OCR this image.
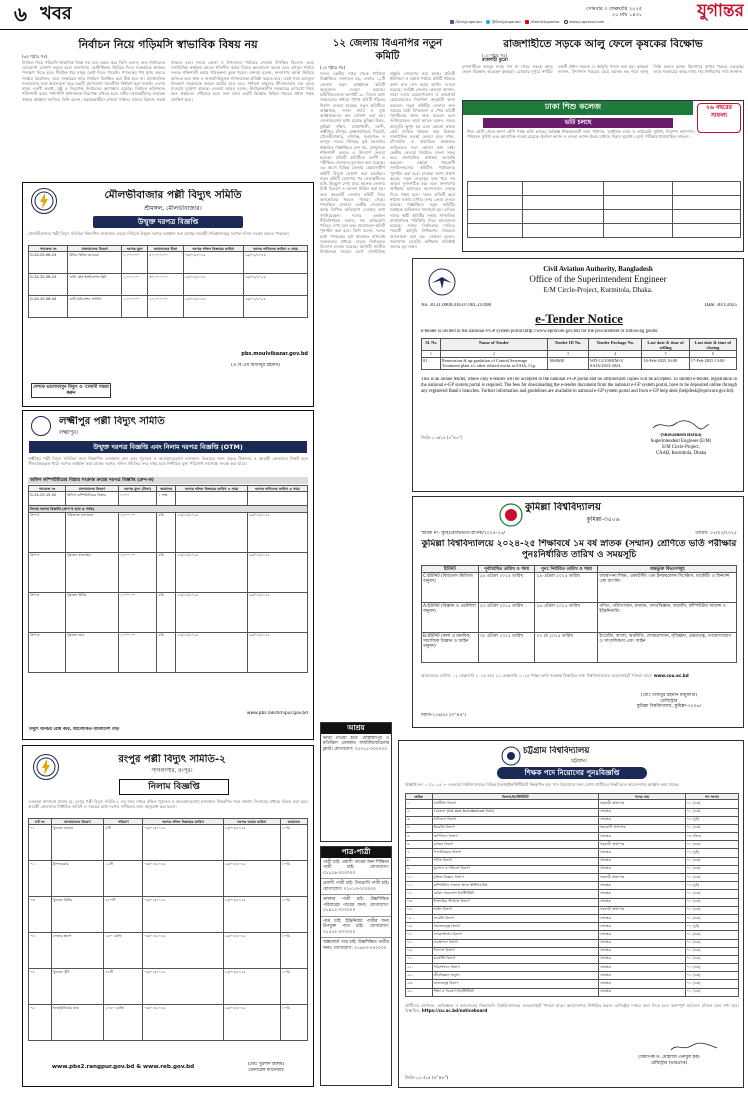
৬ খবর	সোমবার ৩ ফেব্রুয়ারি ২০২৫
২০ মাঘ ১৪৩১
/DailyJugantor @DailyJugantor /DainikJugantor www.jugantor.com
যুগান্তর
নির্বাচন নিয়ে গড়িমসি স্বাভাবিক বিষয় নয়
(৩য় পৃষ্ঠার পর)
নির্বাচন নিয়ে গড়িমসি স্বাভাবিক বিষয় নয় বলে মন্তব্য করে তিনি বলেন, দ্রুত নির্বাচনের রোডম্যাপ ঘোষণা করতে হবে। জনগণের ভোটাধিকার ফিরিয়ে দিতে সরকারকে কার্যকর পদক্ষেপ নিতে হবে। দীর্ঘদিন ধরে মানুষ ভোট দিতে পারেনি। গণতন্ত্রের পথ সুগম করতে সংস্কার প্রয়োজন, তবে সংস্কারের নামে নির্বাচন বিলম্বিত করা ঠিক হবে না। রাজনৈতিক দলগুলোর সঙ্গে আলোচনা করে একটি গ্রহণযোগ্য সময়সীমা নির্ধারণ করা জরুরি। দেশের মানুষ একটি অবাধ, সুষ্ঠু ও নিরপেক্ষ নির্বাচনের অপেক্ষায় রয়েছে। নির্বাচন কমিশনকে শক্তিশালী করার পাশাপাশি প্রশাসনকে নিরপেক্ষ রাখতে হবে। দলীয় নেতাকর্মীদের ঐক্যবদ্ধ থাকার আহ্বান জানিয়ে তিনি বলেন, ষড়যন্ত্রকারীরা এখনো সক্রিয়। তাদের বিরুদ্ধে সতর্ক থাকতে হবে। সভায় জেলা ও উপজেলা পর্যায়ের নেতারা উপস্থিত ছিলেন। তারা সাংগঠনিক কার্যক্রম আরও গতিশীল করার বিষয়ে আলোচনা করেন এবং তৃণমূল পর্যায়ে দলকে শক্তিশালী করার পরিকল্পনা তুলে ধরেন। বক্তারা বলেন, জনগণের আস্থা ফিরিয়ে আনতে হলে স্বচ্ছ ও জবাবদিহিমূলক শাসনব্যবস্থা প্রতিষ্ঠা করতে হবে। একই সঙ্গে দ্রব্যমূল্য নিয়ন্ত্রণে সরকারকে আরও কঠোর হতে হবে। সাধারণ মানুষের জীবনযাত্রার ব্যয় বেড়ে যাওয়ায় দুর্ভোগ বাড়ছে। নেতারা আরও বলেন, নির্বাচনকালীন সরকারের রূপরেখা নিয়ে দ্রুত ঐকমত্যে পৌঁছাতে হবে। সভা শেষে একটি বিক্ষোভ মিছিল শহরের প্রধান সড়ক প্রদক্ষিণ করে।
মৌলভীবাজার পল্লী বিদ্যুৎ সমিতি
শ্রীমঙ্গল, মৌলভীবাজার।
উন্মুক্ত দরপত্র বিজ্ঞপ্তি
মৌলভীবাজার পল্লী বিদ্যুৎ সমিতির নিম্নবর্ণিত মালামাল ক্রয়ের নিমিত্তে উন্মুক্ত দরপত্র আহ্বান করা যাচ্ছে। আগ্রহী প্রতিষ্ঠানসমূহ দরপত্র দলিল সংগ্রহ করতে পারবেন।
প্যাকেজ নং	মালামালের বিবরণ	দরপত্র মূল্য	জামানতের টাকা	দরপত্র দলিল বিক্রয়ের তারিখ	দরপত্র দাখিলের তারিখ ও সময়
G-24-25-06-23	মিটার রিডিং ক্যামেরা	১,০০০.০০	৪০,০০০.০০	০৬/০২/২০২৫	২৬/০২/২০২৫
G-24-25-06-23	ডাটা প্লেস ইন্সটলেশন কিট	১,০০০.০০	৩০,০০০.০০	২৫/০২/২০২৫	২৬/০২/২০২৫
G-24-25-06-44	ডাটা মাইগ্রেশন সার্ভিস	১,০০০.০০	২০,০০০.০০	২৫/০২/২০২৫	২৬/০২/২০২৫
pbs.moulvibazar.gov.bd
(এ.বি.এম মিজানুর রহমান)
দেশকে ভালোবাসুন বিদ্যুৎ ও জ্বালানী সাশ্রয় করুন
লক্ষ্মীপুর পল্লী বিদ্যুৎ সমিতি
লক্ষ্মীপুর।
উন্মুক্ত দরপত্র বিজ্ঞপ্তি এবং নিলাম দরপত্র বিজ্ঞপ্তি (OTM)
লক্ষ্মীপুর পল্লী বিদ্যুৎ সমিতির জন্য নিম্নবর্ণিত মালামাল ক্রয় এবং পুরাতন ও অব্যবহারযোগ্য মালামাল বিক্রয়ের জন্য প্রকৃত ঠিকাদার ও আগ্রহী ক্রেতাদের নিকট হতে সীলমোহরকৃত খামে দরপত্র আহ্বান করা যাচ্ছে। দরপত্র দলিল সমিতির সদর দপ্তর হতে নির্ধারিত মূল্য পরিশোধ সাপেক্ষে সংগ্রহ করা যাবে।
অফিস কম্পিউটারের বিস্তার সংক্রান্ত ক্রয়ের দরপত্র বিজ্ঞপ্তি (গ্রুপ-ক)
প্যাকেজ নং	মালামালের বিবরণ	দরপত্র মূল্য (টাকা)	জামানত	দরপত্র দলিল বিক্রয়ের তারিখ ও সময়	দরপত্র দাখিলের তারিখ ও সময়
G-24-25-19-02	অফিস কম্পিউটারের বিস্তার	১০০০	১ লক্ষ		
নিলাম দরপত্র বিজ্ঞপ্তি (গ্রুপ-খ হতে ঙ পর্যন্ত)					
গ্রুপ-খ	পরিত্যক্ত মালামাল	১৫০০.০০	৫%	২৫/০২/২০২৫	২৬/০২/২০২৫
গ্রুপ-গ	পুরাতন যানবাহন	১৫০০.০০	৫%	২৫/০২/২০২৫	২৬/০২/২০২৫
গ্রুপ-ঘ	পুরাতন মিটার	১০০০.০০	৫%	২৫/০২/২০২৫	২৬/০২/২০২৫
গ্রুপ-ঙ	পুরাতন তার	১০০০.০০	৫%	২৫/০২/২০২৫	২৬/০২/২০২৫
www.pbs.lakshmipur.gov.bd
বিদ্যুৎ অপচয় রোধ করি, আলোকিত বাংলাদেশ গড়ি
রংপুর পল্লী বিদ্যুৎ সমিতি-২
পাগলাপীর, রংপুর।
নিলাম বিজ্ঞপ্তি
এতদ্বারা জানানো যাচ্ছে যে, রংপুর পল্লী বিদ্যুৎ সমিতি-২ এর সদর দপ্তরে রক্ষিত পুরাতন ও অব্যবহারযোগ্য মালামাল নিম্নবর্ণিত শর্তে প্রকাশ্য নিলামের মাধ্যমে বিক্রয় করা হবে। আগ্রহী ক্রেতাদের নির্ধারিত তারিখ ও সময়ের মধ্যে দরপত্র দাখিলের জন্য অনুরোধ করা হলো।
লট নং	মালামালের বিবরণ	পরিমাণ	দরপত্র দলিল বিক্রয়ের তারিখ	দরপত্র জমার তারিখ	জামানত
০১	পুরাতন ক্যাবল	৫টি	০৬/০২/২০২৫	২৫/০২/২০২৫	১০%
০২	ট্রান্সফরমার	১২টি	০৬/০২/২০২৫	২৫/০২/২০২৫	১০%
০৩	পুরাতন মিটার	৫৫০টি	০৬/০২/২০২৫	২৫/০২/২০২৫	১০%
০৪	লোহার স্ক্র্যাপ	১৮০ কেজি	০৬/০২/২০২৫	২৫/০২/২০২৫	১০%
০৫	পুরাতন খুঁটি	৭৫টি	০৬/০২/২০২৫	২৫/০২/২০২৫	১০%
০৬	অ্যালুমিনিয়াম তার	২৭৫০ কেজি	০৬/০২/২০২৫	২৫/০২/২০২৫	১০%
www.pbs2.rangpur.gov.bd & www.reb.gov.bd	(মোঃ খুরশীদ আলম)
জেনারেল ম্যানেজার
১২ জেলায় বিএনপির নতুন কমিটি
(১ম পৃষ্ঠার পর)
দলের কেন্দ্রীয় দপ্তর থেকে পাঠানো বিজ্ঞপ্তিতে জানানো হয়, দেশের ১২টি জেলায় নতুন আহ্বায়ক কমিটি অনুমোদন দেওয়া হয়েছে। কমিটিগুলোকে আগামী ৯০ দিনের মধ্যে সম্মেলনের মাধ্যমে পূর্ণাঙ্গ কমিটি গঠনের নির্দেশ দেওয়া হয়েছে। নতুন কমিটিতে আহ্বায়ক, সদস্য সচিব ও যুগ্ম আহ্বায়কদের নাম ঘোষণা করা হয়। জেলাগুলোর মধ্যে রয়েছে কুমিল্লা উত্তর, কুমিল্লা দক্ষিণ, নোয়াখালী, ফেনী, লক্ষ্মীপুর, চাঁদপুর, ব্রাহ্মণবাড়িয়া, সিলেট, মৌলভীবাজার, হবিগঞ্জ, সুনামগঞ্জ ও রংপুর। দলের সিনিয়র যুগ্ম মহাসচিব স্বাক্ষরিত বিজ্ঞপ্তিতে বলা হয়, তৃণমূলকে শক্তিশালী করতে এ উদ্যোগ নেওয়া হয়েছে। প্রতিটি কমিটিতে ত্যাগী ও পরীক্ষিত নেতাদের মূল্যায়ন করা হয়েছে। এর আগে বিভিন্ন জেলায় মেয়াদোত্তীর্ণ কমিটি বিলুপ্ত ঘোষণা করা হয়েছিল। নতুন কমিটি ঘোষণার পর নেতাকর্মীদের মধ্যে উচ্ছ্বাস দেখা যায়। অনেক জেলায় মিষ্টি বিতরণ ও আনন্দ মিছিল করা হয়। তবে কয়েকটি জেলায় কমিটি নিয়ে অসন্তোষের খবরও পাওয়া গেছে। পদবঞ্চিত নেতারা কেন্দ্রীয় নেতাদের কাছে লিখিত অভিযোগ দেওয়ার কথা জানিয়েছেন। দলের একজন নীতিনির্ধারক বলেন, সব অভিযোগ খতিয়ে দেখা হবে এবং প্রয়োজনে কমিটি পুনর্গঠন করা হবে। তিনি বলেন, দলের মধ্যে গণতন্ত্রের চর্চা অব্যাহত রাখতেই সম্মেলনের মাধ্যমে নেতৃত্ব নির্বাচনের উদ্যোগ নেওয়া হয়েছে। আগামী জাতীয় নির্বাচনকে সামনে রেখে সাংগঠনিক প্রস্তুতি জোরদার করা হচ্ছে। প্রতিটি ইউনিয়ন ও ওয়ার্ড পর্যায়ে কমিটি গঠনের কাজ দ্রুত শেষ করার তাগিদ দেওয়া হয়েছে। সংশ্লিষ্ট জেলার নেতারা জানান, তারা দলের চেয়ারপারসন ও ভারপ্রাপ্ত চেয়ারম্যানের নির্দেশনা অনুযায়ী কাজ করবেন। নতুন কমিটির নেতারা দ্রুত সময়ের মধ্যে উপজেলা ও পৌর কমিটি পুনর্গঠনের কাজ শুরু করবেন বলে জানিয়েছেন। তারা আরও বলেন, দলের ভাবমূর্তি ক্ষুণ্ন হয় এমন কোনো কাজে কেউ জড়িত থাকলে তার বিরুদ্ধে সাংগঠনিক ব্যবস্থা নেওয়া হবে। দখল, চাঁদাবাজি ও অনৈতিক কর্মকাণ্ডে জড়িতদের দলে কোনো স্থান নেই। কেন্দ্রীয় নেতারা নিয়মিত জেলা সফর করে সাংগঠনিক কার্যক্রম তদারকি করবেন। এছাড়া সহযোগী সংগঠনগুলোর কমিটিও পর্যায়ক্রমে পুনর্গঠন করা হবে। নেতারা আশা প্রকাশ করেন, নতুন নেতৃত্বের হাত ধরে দল আরও সুসংগঠিত হবে এবং জনগণের অধিকার আদায়ের আন্দোলনে নেতৃত্ব দিতে সক্ষম হবে। দলের প্রতিটি স্তরে শৃঙ্খলা বজায় রাখার ওপর জোর দেওয়া হয়েছে। বিজ্ঞপ্তিতে নতুন কমিটির সবাইকে অভিনন্দন জানানো হয়। এদিকে দলের স্থায়ী কমিটির সভায় সাম্প্রতিক রাজনৈতিক পরিস্থিতি নিয়ে আলোচনা হয়েছে। সভায় নির্বাচনের দাবিতে পরবর্তী কর্মসূচি নির্ধারণের বিষয়েও আলোচনা করা হয়। নেতারা বলেন, জনগণের ভোটের অধিকার প্রতিষ্ঠাই তাদের মূল লক্ষ্য।
আশ্রয়
ভাড়া দেওয়া হবে: মোহাম্মদপুর ও মতিঝিল এলাকায় ফ্যামিলি/ব্যাচেলর ফ্ল্যাট। যোগাযোগ: ০১৭১১-০০০০০০
পাত্র-পাত্রী
পাত্রী চাই: প্রবাসী পাত্রের জন্য শিক্ষিতা পাত্রী চাই। যোগাযোগ: ০১৮১৯-০০০০০০
প্রবাসী পাত্রী চাই: ডিভোর্সি পাত্রী চাই। যোগাযোগ: ০১৭১৩-০০০০০০
ডাক্তার পাত্রী চাই: উচ্চশিক্ষিত পরিবারের পাত্রের জন্য। যোগাযোগ: ০১৯১২-০০০০০০
পাত্র চাই: ইঞ্জিনিয়ার পাত্রীর জন্য উপযুক্ত পাত্র চাই। যোগাযোগ: ০১৫৫২-০০০০০০
অক্সফোর্ড পাত্র চাই: উচ্চশিক্ষিত পাত্রীর জন্য। যোগাযোগ: ০১৬৭৩-০০০০০০
রাজশাহীতে সড়কে আলু ফেলে কৃষকের বিক্ষোভ
(১ম পৃষ্ঠার পর)
রাজশাহী ব্যুরো
রাজশাহীতে আলুর ন্যায্য দাম না পেয়ে সড়কে আলু ফেলে বিক্ষোভ করেছেন কৃষকরা। রোববার দুপুরে নগরীর একটি প্রধান সড়কে এ কর্মসূচি পালন করা হয়। কৃষকরা জানান, উৎপাদন খরচের চেয়ে অনেক কম দামে আলু বিক্রি করতে হচ্ছে। হিমাগারে রাখার খরচও বেড়েছে। তারা সরকারের কাছে ন্যায্য দাম নির্ধারণের দাবি জানান।
ঢাকা শিশু কলেজ	২৬ বছরের সাফল্য
ভর্তি চলছে
শিশু শ্রেণি থেকে দ্বাদশ শ্রেণি পর্যন্ত ভর্তি চলছে। অভিজ্ঞ শিক্ষকমণ্ডলী দ্বারা পাঠদান, আধুনিক ল্যাব ও লাইব্রেরি সুবিধা, নিরাপদ ক্যাম্পাস, পরিবহন সুবিধা এবং আবাসিক ব্যবস্থা রয়েছে। ইংলিশ ভার্সন ও বাংলা ভার্সন উভয় মাধ্যমে পড়ার সুযোগ। বোর্ড পরীক্ষায় ধারাবাহিক সাফল্য।

Civil Aviation Authority, Bangladesh
Office of the Superintendent Engineer
E/M Circle-Project, Kurmitola, Dhaka.
No. 30.31.0000.416.07.001.21/698	Date: 30/1/2025
e-Tender Notice
e-tender is invited in the national e-GP system portal (http://www.eprocure.gov.bd) for the procurement of following goods:
Sl. No	Name of Tender	Tender ID No.	Tender Package No.	Last date & time of selling	Last date & time of closing
1	2	3	4	5	6
01.	Renovation & up-gradation of Central Sewerage Treatment plant s/c other related works at SAIA, Ctg.	1060630	WD-12/100/EM-3/ SAIA/2023-2024	16-Feb-2025 16:00	17-Feb-2025 13:00
This is an online tender, where only e-tender will be accepted in the national e-GP portal and no offline/hard copies will be accepted. To submit e-tender, registration in the national e-GP system portal is required. The fees for downloading the e-tender document from the national e-GP system portal, have to be deposited online through any registered Bank's branches. Further information and guidelines are available in national e-GP system portal and from e-GP help desk (helpdesk@eprocure.gov.bd).
(Shovashesh Barua)
Superintendent Engineer (E/M)
E/M Circle-Project,
CAAB, Kurmitola, Dhaka
জিডি-২১৬/২৫ (৪"×৬")
কুমিল্লা বিশ্ববিদ্যালয়
কুমিল্লা-৩৫০৬
স্মারক নং- কুবি/রেজি/ভর্তি-স্নাতক/২০২৪-২৫/	তারিখ: ০২/০২/২০২৫
কুমিল্লা বিশ্ববিদ্যালয়ে ২০২৪-২৫ শিক্ষাবর্ষে ১ম বর্ষ স্নাতক (সম্মান) শ্রেণিতে ভর্তি পরীক্ষার পুনঃনির্ধারিত তারিখ ও সময়সূচি
ইউনিট	পূর্বঘোষিত তারিখ ও সময়	পুনঃ নির্ধারিত তারিখ ও সময়	অন্তর্ভুক্ত বিভাগসমূহ
C-ইউনিট (বিজনেস স্টাডিজ অনুষদ)	১৬ এপ্রিল ২০২৫ তারিখ	১৯ এপ্রিল ২০২৫ তারিখ	ব্যবস্থাপনা শিক্ষা, একাউন্টিং এন্ড ইনফরমেশন সিস্টেমস, মার্কেটিং ও ফিন্যান্স এন্ড ব্যাংকিং
A-ইউনিট (বিজ্ঞান ও প্রকৌশল অনুষদ)	২৩ এপ্রিল ২০২৫ তারিখ	২৬ এপ্রিল ২০২৫ তারিখ	গণিত, পরিসংখ্যান, রসায়ন, পদার্থবিজ্ঞান, ফার্মেসি, কম্পিউটার সায়েন্স ও ইঞ্জিনিয়ারিং
B-ইউনিট (কলা ও মানবিক, সামাজিক বিজ্ঞান ও আইন অনুষদ)	৩০ এপ্রিল ২০২৫ তারিখ	০৩ মে ২০২৫ তারিখ	ইংরেজি, বাংলা, অর্থনীতি, লোকপ্রশাসন, নৃবিজ্ঞান, প্রত্নতত্ত্ব, গণযোগাযোগ ও সাংবাদিকতা এবং আইন
আবেদনের তারিখ: ০২ ফেব্রুয়ারি ২০২৫ হতে ২২ ফেব্রুয়ারি ২০২৫ পর্যন্ত। ভর্তি সংক্রান্ত বিস্তারিত তথ্য বিশ্ববিদ্যালয়ের ওয়েবসাইটে পাওয়া যাবে: www.cou.ac.bd
(মোঃ মজিবুর রহমান মজুমদার)
রেজিস্ট্রার
কুমিল্লা বিশ্ববিদ্যালয়, কুমিল্লা-৩৫০৬।
জিডি-২১৯/২৫ (৩"×৪")
চট্টগ্রাম বিশ্ববিদ্যালয়
চট্টগ্রাম।
শিক্ষক পদে নিয়োগের পুনঃবিজ্ঞপ্তি
বিজ্ঞপ্তি নং: ০১/২০২৫ — এতদ্বারা বিশ্ববিদ্যালয়ের বিভিন্ন বিভাগ/ইনস্টিটিউটে নিম্নবর্ণিত শূন্য পদে নিয়োগের জন্য যোগ্য প্রার্থীদের নিকট হতে আবেদনপত্র আহ্বান করা যাচ্ছে।
ক্রমিক	বিভাগ/ইনস্টিটিউট	পদের নাম	পদ সংখ্যা
১.	অর্থনীতি বিভাগ	সহকারী অধ্যাপক	০১ (এক)
২.	চারুকলা (Art and Architecture বিষয়)	প্রভাষক	০১ (এক)
৩.	নাট্যকলা বিভাগ	প্রভাষক	০২ (দুই)
৪.	ইংরেজি বিভাগ	সহযোগী অধ্যাপক	০১ (এক)
৫.	প্রাণিবিদ্যা বিভাগ	প্রভাষক	০৩ (তিন)
৬.	রসায়ন বিভাগ	সহকারী অধ্যাপক	০১ (এক)
৭.	পদার্থবিজ্ঞান বিভাগ	প্রভাষক	০২ (দুই)
৮.	গণিত বিভাগ	প্রভাষক	০১ (এক)
৯.	ভূগোল ও পরিবেশ বিভাগ	প্রভাষক	০১ (এক)
১০.	মৃত্তিকা বিজ্ঞান বিভাগ	সহকারী অধ্যাপক	০১ (এক)
১১.	কম্পিউটার সায়েন্স অ্যান্ড ইঞ্জিনিয়ারিং	প্রভাষক	০২ (দুই)
১২.	মেরিন সায়েন্সেস ইনস্টিটিউট	প্রভাষক	০১ (এক)
১৩.	ইসলামিক স্টাডিজ বিভাগ	প্রভাষক	০১ (এক)
১৪.	আইন বিভাগ	সহকারী অধ্যাপক	০১ (এক)
১৫.	ফার্মেসি বিভাগ	প্রভাষক	০১ (এক)
১৬.	সমাজতত্ত্ব বিভাগ	প্রভাষক	০২ (দুই)
১৭.	লোকপ্রশাসন বিভাগ	প্রভাষক	০১ (এক)
১৮.	ব্যবস্থাপনা বিভাগ	প্রভাষক	০১ (এক)
১৯.	ফিন্যান্স বিভাগ	প্রভাষক	০১ (এক)
২০.	মার্কেটিং বিভাগ	প্রভাষক	০১ (এক)
২১.	পরিসংখ্যান বিভাগ	প্রভাষক	০১ (এক)
২২.	জীববিজ্ঞান অনুষদ	প্রভাষক	০১ (এক)
২৩.	ভাষাতত্ত্ব বিভাগ	প্রভাষক	০১ (এক)
২৪.	শিক্ষা ও গবেষণা ইনস্টিটিউট	প্রভাষক	০১ (এক)
প্রার্থীদের যোগ্যতা, অভিজ্ঞতা ও আবেদনের নিয়মাবলি বিশ্ববিদ্যালয়ের ওয়েবসাইটে পাওয়া যাবে। আবেদনপত্র নির্ধারিত ফরমে রেজিস্ট্রার দপ্তরে জমা দিতে হবে। অসম্পূর্ণ আবেদন বাতিল বলে গণ্য হবে। বিস্তারিত: https://cu.ac.bd/noticeboard
(অধ্যাপক ড. মোহাম্মদ এনামুল হক)
রেজিস্ট্রার (ভারপ্রাপ্ত)
জিডি-২২০/২৫ (৫"×৮")
